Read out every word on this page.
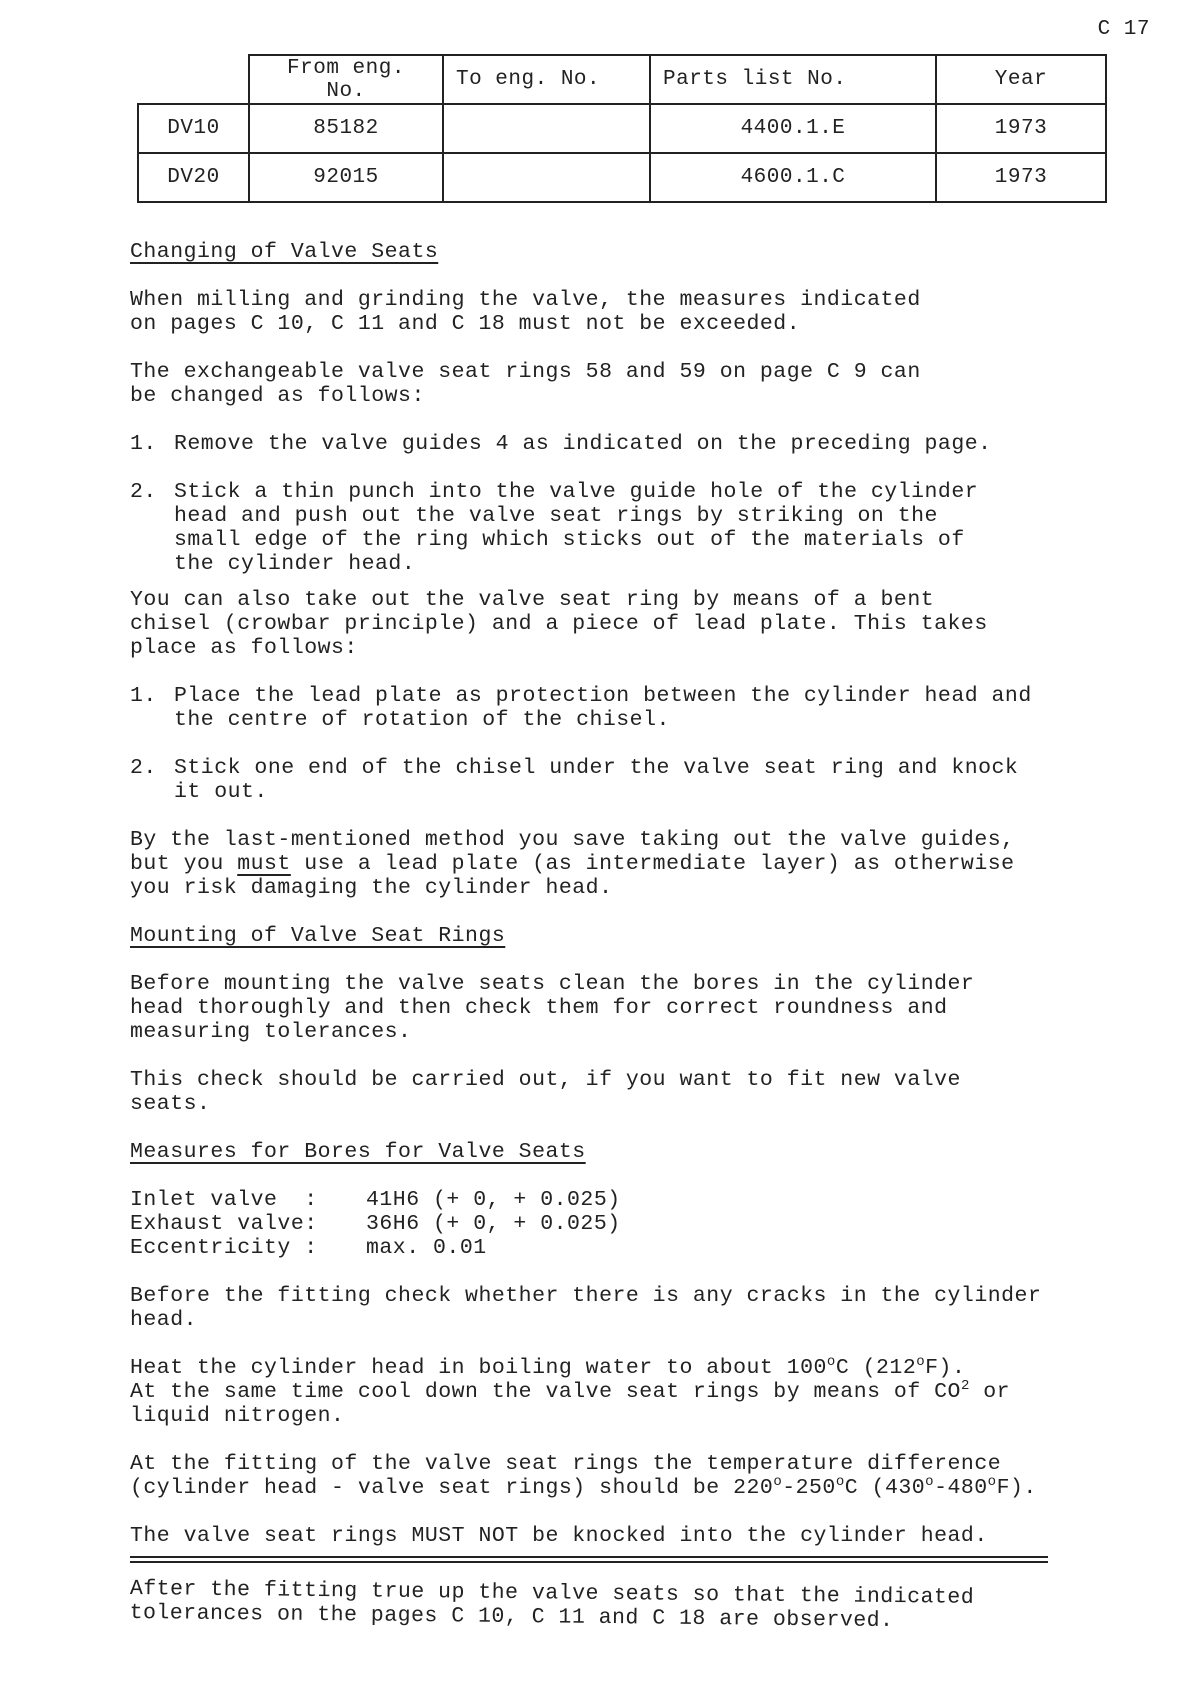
C 17
	From eng. No.	To eng. No.	Parts list No.	Year
DV10	85182		4400.1.E	1973
DV20	92015		4600.1.C	1973

Changing of Valve Seats

When milling and grinding the valve, the measures indicated
on pages C 10, C 11 and C 18 must not be exceeded.

The exchangeable valve seat rings 58 and 59 on page C 9 can
be changed as follows:

1. Remove the valve guides 4 as indicated on the preceding page.

2. Stick a thin punch into the valve guide hole of the cylinder
head and push out the valve seat rings by striking on the
small edge of the ring which sticks out of the materials of
the cylinder head.

You can also take out the valve seat ring by means of a bent
chisel (crowbar principle) and a piece of lead plate. This takes
place as follows:

1. Place the lead plate as protection between the cylinder head and
the centre of rotation of the chisel.

2. Stick one end of the chisel under the valve seat ring and knock
it out.

By the last-mentioned method you save taking out the valve guides,
but you must use a lead plate (as intermediate layer) as otherwise
you risk damaging the cylinder head.

Mounting of Valve Seat Rings

Before mounting the valve seats clean the bores in the cylinder
head thoroughly and then check them for correct roundness and
measuring tolerances.

This check should be carried out, if you want to fit new valve
seats.

Measures for Bores for Valve Seats

Inlet valve  :	41H6 (+ 0, + 0.025)
Exhaust valve:	36H6 (+ 0, + 0.025)
Eccentricity :	max. 0.01

Before the fitting check whether there is any cracks in the cylinder
head.

Heat the cylinder head in boiling water to about 100$^o$C (212$^o$F).
At the same time cool down the valve seat rings by means of $CO^2$ or
liquid nitrogen.

At the fitting of the valve seat rings the temperature difference
(cylinder head - valve seat rings) should be 220$^o$-250$^o$C (430$^o$-480$^o$F).

The valve seat rings MUST NOT be knocked into the cylinder head.

After the fitting true up the valve seats so that the indicated
tolerances on the pages C 10, C 11 and C 18 are observed.
